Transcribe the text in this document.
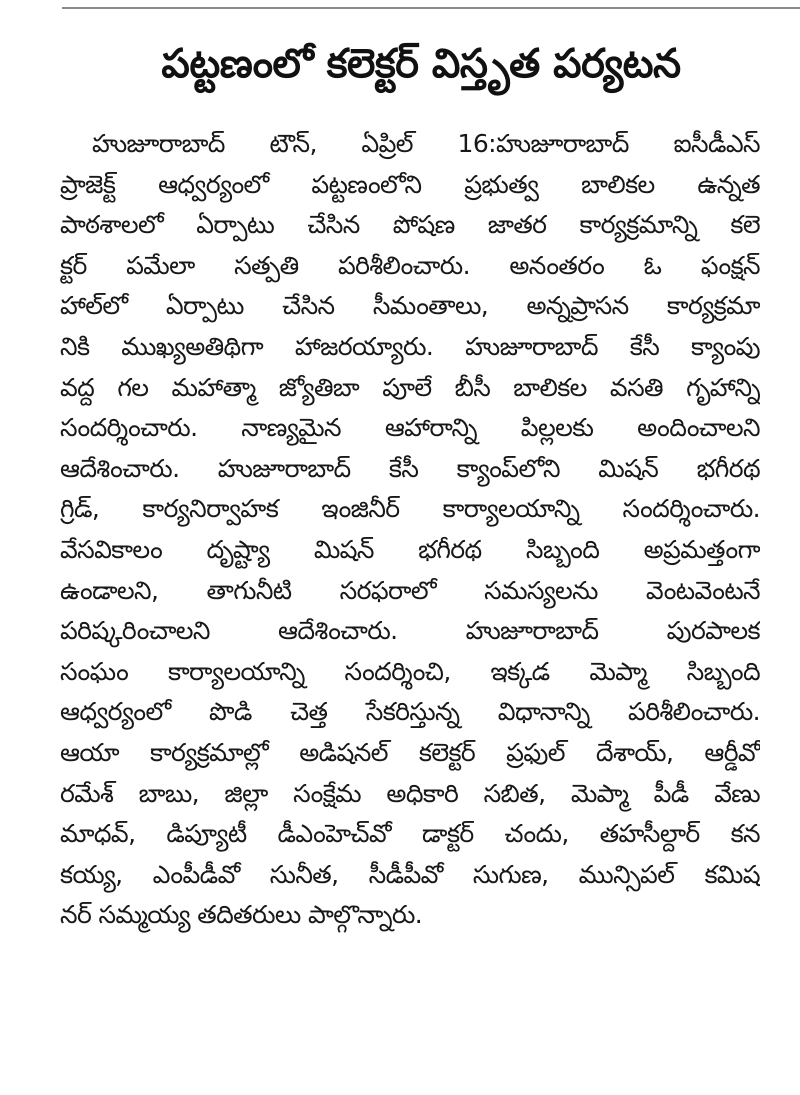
పట్టణంలో కలెక్టర్ విస్తృత పర్యటన
హుజూరాబాద్ టౌన్, ఏప్రిల్ 16:హుజూరాబాద్ ఐసీడీఎస్
ప్రాజెక్ట్ ఆధ్వర్యంలో పట్టణంలోని ప్రభుత్వ బాలికల ఉన్నత
పాఠశాలలో ఏర్పాటు చేసిన పోషణ జాతర కార్యక్రమాన్ని కలె
క్టర్ పమేలా సత్పతి పరిశీలించారు. అనంతరం ఓ ఫంక్షన్
హాల్‌లో ఏర్పాటు చేసిన సీమంతాలు, అన్నప్రాసన కార్యక్రమా
నికి ముఖ్యఅతిథిగా హాజరయ్యారు. హుజూరాబాద్ కేసీ క్యాంపు
వద్ద గల మహాత్మా జ్యోతిబా పూలే బీసీ బాలికల వసతి గృహాన్ని
సందర్శించారు. నాణ్యమైన ఆహారాన్ని పిల్లలకు అందించాలని
ఆదేశించారు. హుజూరాబాద్ కేసీ క్యాంప్‌లోని మిషన్ భగీరథ
గ్రిడ్, కార్యనిర్వాహక ఇంజినీర్ కార్యాలయాన్ని సందర్శించారు.
వేసవికాలం దృష్ట్యా మిషన్ భగీరథ సిబ్బంది అప్రమత్తంగా
ఉండాలని, తాగునీటి సరఫరాలో సమస్యలను వెంటవెంటనే
పరిష్కరించాలని ఆదేశించారు. హుజూరాబాద్ పురపాలక
సంఘం కార్యాలయాన్ని సందర్శించి, ఇక్కడ మెప్మా సిబ్బంది
ఆధ్వర్యంలో పొడి చెత్త సేకరిస్తున్న విధానాన్ని పరిశీలించారు.
ఆయా కార్యక్రమాల్లో అడిషనల్ కలెక్టర్ ప్రఫుల్ దేశాయ్, ఆర్డీవో
రమేశ్ బాబు, జిల్లా సంక్షేమ అధికారి సబిత, మెప్మా పీడీ వేణు
మాధవ్, డిప్యూటీ డీఎంహెచ్‌వో డాక్టర్ చందు, తహసీల్దార్ కన
కయ్య, ఎంపీడీవో సునీత, సీడీపీవో సుగుణ, మున్సిపల్ కమిష
నర్ సమ్మయ్య తదితరులు పాల్గొన్నారు.
